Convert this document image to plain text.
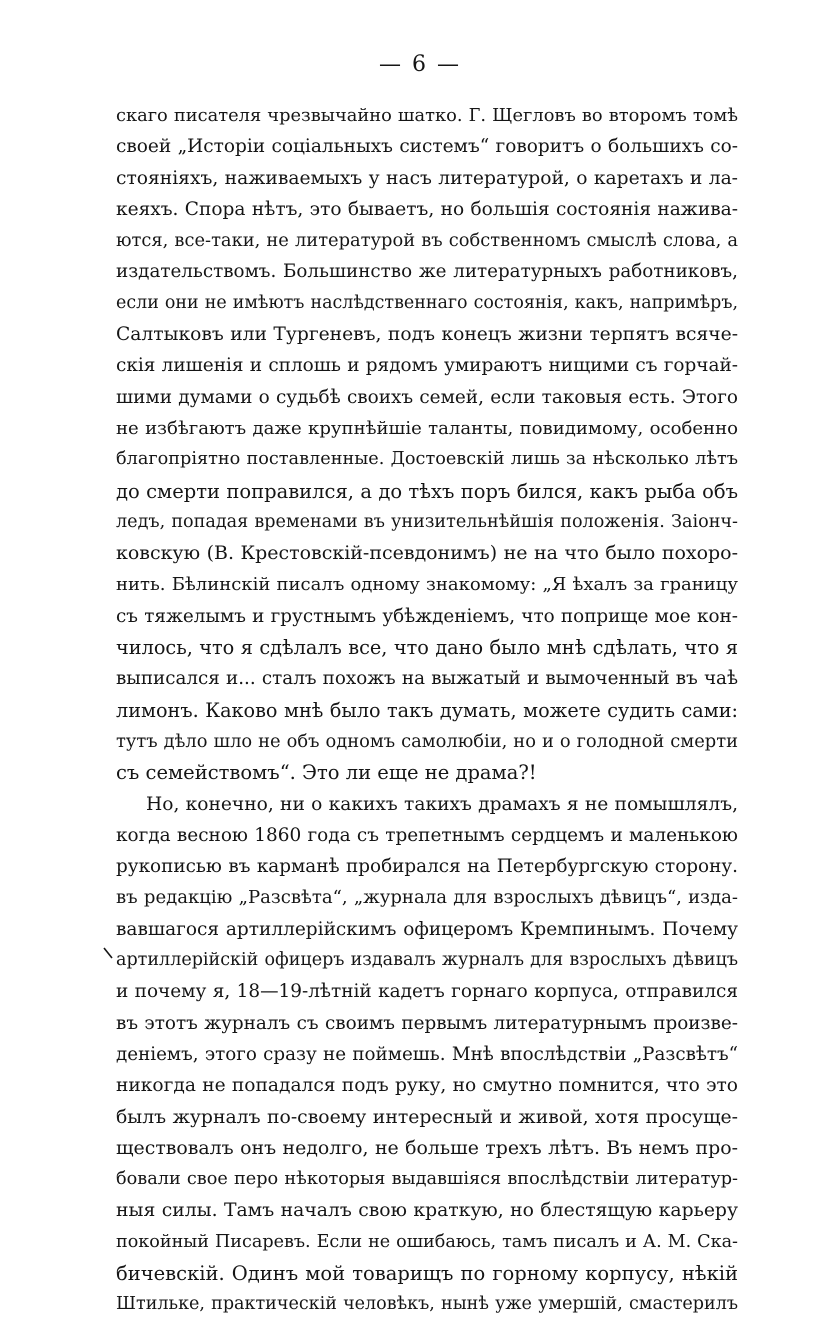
— 6 —
скаго писателя чрезвычайно шатко. Г. Щегловъ во второмъ томѣ
своей „Исторіи соціальныхъ системъ“ говоритъ о большихъ со-
стояніяхъ, наживаемыхъ у насъ литературой, о каретахъ и ла-
кеяхъ. Спора нѣтъ, это бываетъ, но большія состоянія нажива-
ются, все-таки, не литературой въ собственномъ смыслѣ слова, а
издательствомъ. Большинство же литературныхъ работниковъ,
если они не имѣютъ наслѣдственнаго состоянія, какъ, напримѣръ,
Салтыковъ или Тургеневъ, подъ конецъ жизни терпятъ всяче-
скія лишенія и сплошь и рядомъ умираютъ нищими съ горчай-
шими думами о судьбѣ своихъ семей, если таковыя есть. Этого
не избѣгаютъ даже крупнѣйшіе таланты, повидимому, особенно
благопріятно поставленные. Достоевскій лишь за нѣсколько лѣтъ
до смерти поправился, а до тѣхъ поръ бился, какъ рыба объ
ледъ, попадая временами въ унизительнѣйшія положенія. Заіонч-
ковскую (В. Крестовскій-псевдонимъ) не на что было похоро-
нить. Бѣлинскій писалъ одному знакомому: „Я ѣхалъ за границу
съ тяжелымъ и грустнымъ убѣжденіемъ, что поприще мое кон-
чилось, что я сдѣлалъ все, что дано было мнѣ сдѣлать, что я
выписался и... сталъ похожъ на выжатый и вымоченный въ чаѣ
лимонъ. Каково мнѣ было такъ думать, можете судить сами:
тутъ дѣло шло не объ одномъ самолюбіи, но и о голодной смерти
съ семействомъ“. Это ли еще не драма?!
Но, конечно, ни о какихъ такихъ драмахъ я не помышлялъ,
когда весною 1860 года съ трепетнымъ сердцемъ и маленькою
рукописью въ карманѣ пробирался на Петербургскую сторону.
въ редакцію „Разсвѣта“, „журнала для взрослыхъ дѣвицъ“, изда-
вавшагося артиллерійскимъ офицеромъ Кремпинымъ. Почему
артиллерійскій офицеръ издавалъ журналъ для взрослыхъ дѣвицъ
и почему я, 18—19-лѣтній кадетъ горнаго корпуса, отправился
въ этотъ журналъ съ своимъ первымъ литературнымъ произве-
деніемъ, этого сразу не поймешь. Мнѣ впослѣдствіи „Разсвѣтъ“
никогда не попадался подъ руку, но смутно помнится, что это
былъ журналъ по-своему интересный и живой, хотя просуще-
ществовалъ онъ недолго, не больше трехъ лѣтъ. Въ немъ про-
бовали свое перо нѣкоторыя выдавшіяся впослѣдствіи литератур-
ныя силы. Тамъ началъ свою краткую, но блестящую карьеру
покойный Писаревъ. Если не ошибаюсь, тамъ писалъ и А. М. Ска-
бичевскій. Одинъ мой товарищъ по горному корпусу, нѣкій
Штильке, практическій человѣкъ, нынѣ уже умершій, смастерилъ
